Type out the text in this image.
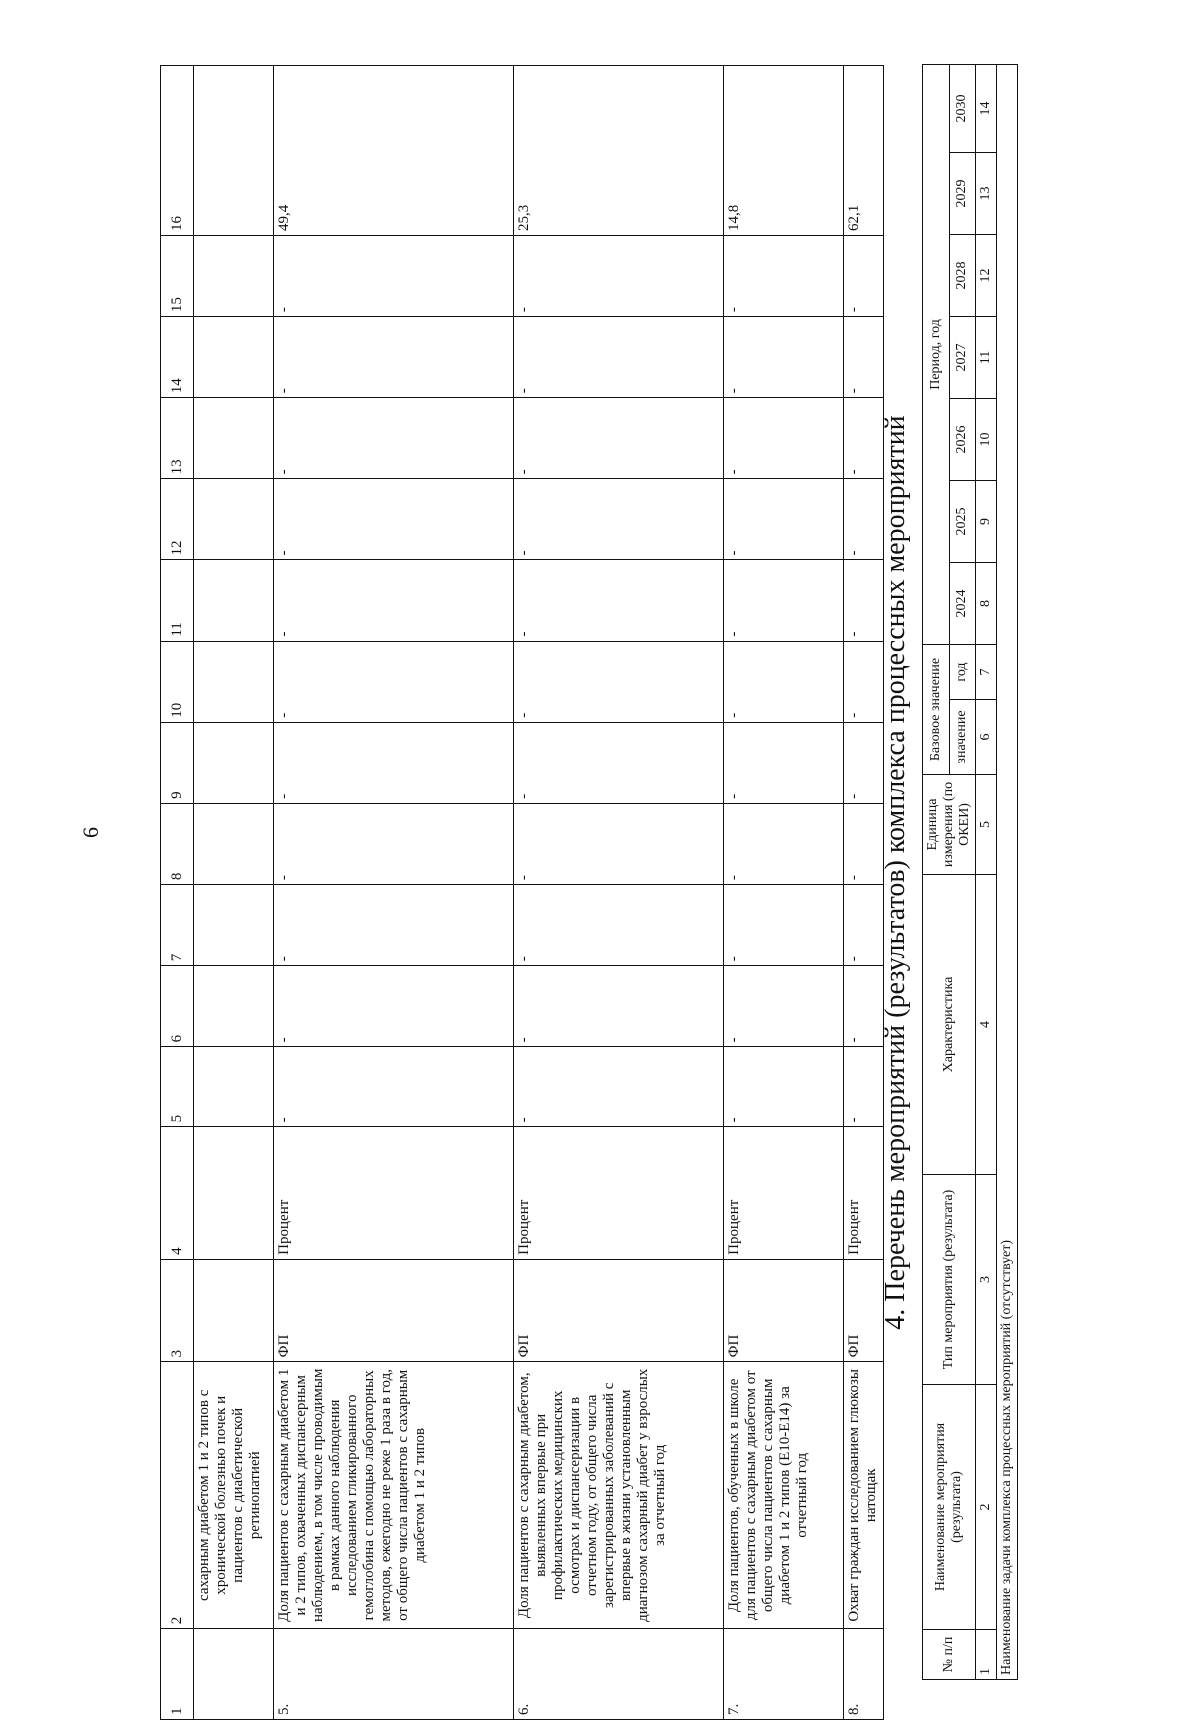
6
1	2	3	4	5	6	7	8	9	10	11	12	13	14	15	16
	сахарным диабетом 1 и 2 типов с хронической болезнью почек и пациентов с диабетической ретинопатией														
5.	Доля пациентов с сахарным диабетом 1 и 2 типов, охваченных диспансерным наблюдением, в том числе проводимым в рамках данного наблюдения исследованием гликированного гемоглобина с помощью лабораторных методов, ежегодно не реже 1 раза в год, от общего числа пациентов с сахарным диабетом 1 и 2 типов	ФП	Процент	-	-	-	-	-	-	-	-	-	-	-	49,4
6.	Доля пациентов с сахарным диабетом, выявленных впервые при профилактических медицинских осмотрах и диспансеризации в отчетном году, от общего числа зарегистрированных заболеваний с впервые в жизни установленным диагнозом сахарный диабет у взрослых за отчетный год	ФП	Процент	-	-	-	-	-	-	-	-	-	-	-	25,3
7.	Доля пациентов, обученных в школе для пациентов с сахарным диабетом от общего числа пациентов с сахарным диабетом 1 и 2 типов (E10-E14) за отчетный год	ФП	Процент	-	-	-	-	-	-	-	-	-	-	-	14,8
8.	Охват граждан исследованием глюкозы натощак	ФП	Процент	-	-	-	-	-	-	-	-	-	-	-	62,1
4. Перечень мероприятий (результатов) комплекса процессных мероприятий
№ п/п	Наименование мероприятия (результата)	Тип мероприятия (результата)	Характеристика	Единица измерения (по ОКЕИ)	Базовое значение		Период, год						
					значение	год	2024	2025	2026	2027	2028	2029	2030
1	2	3	4	5	6	7	8	9	10	11	12	13	14
Наименование задачи комплекса процессных мероприятий (отсутствует)													
